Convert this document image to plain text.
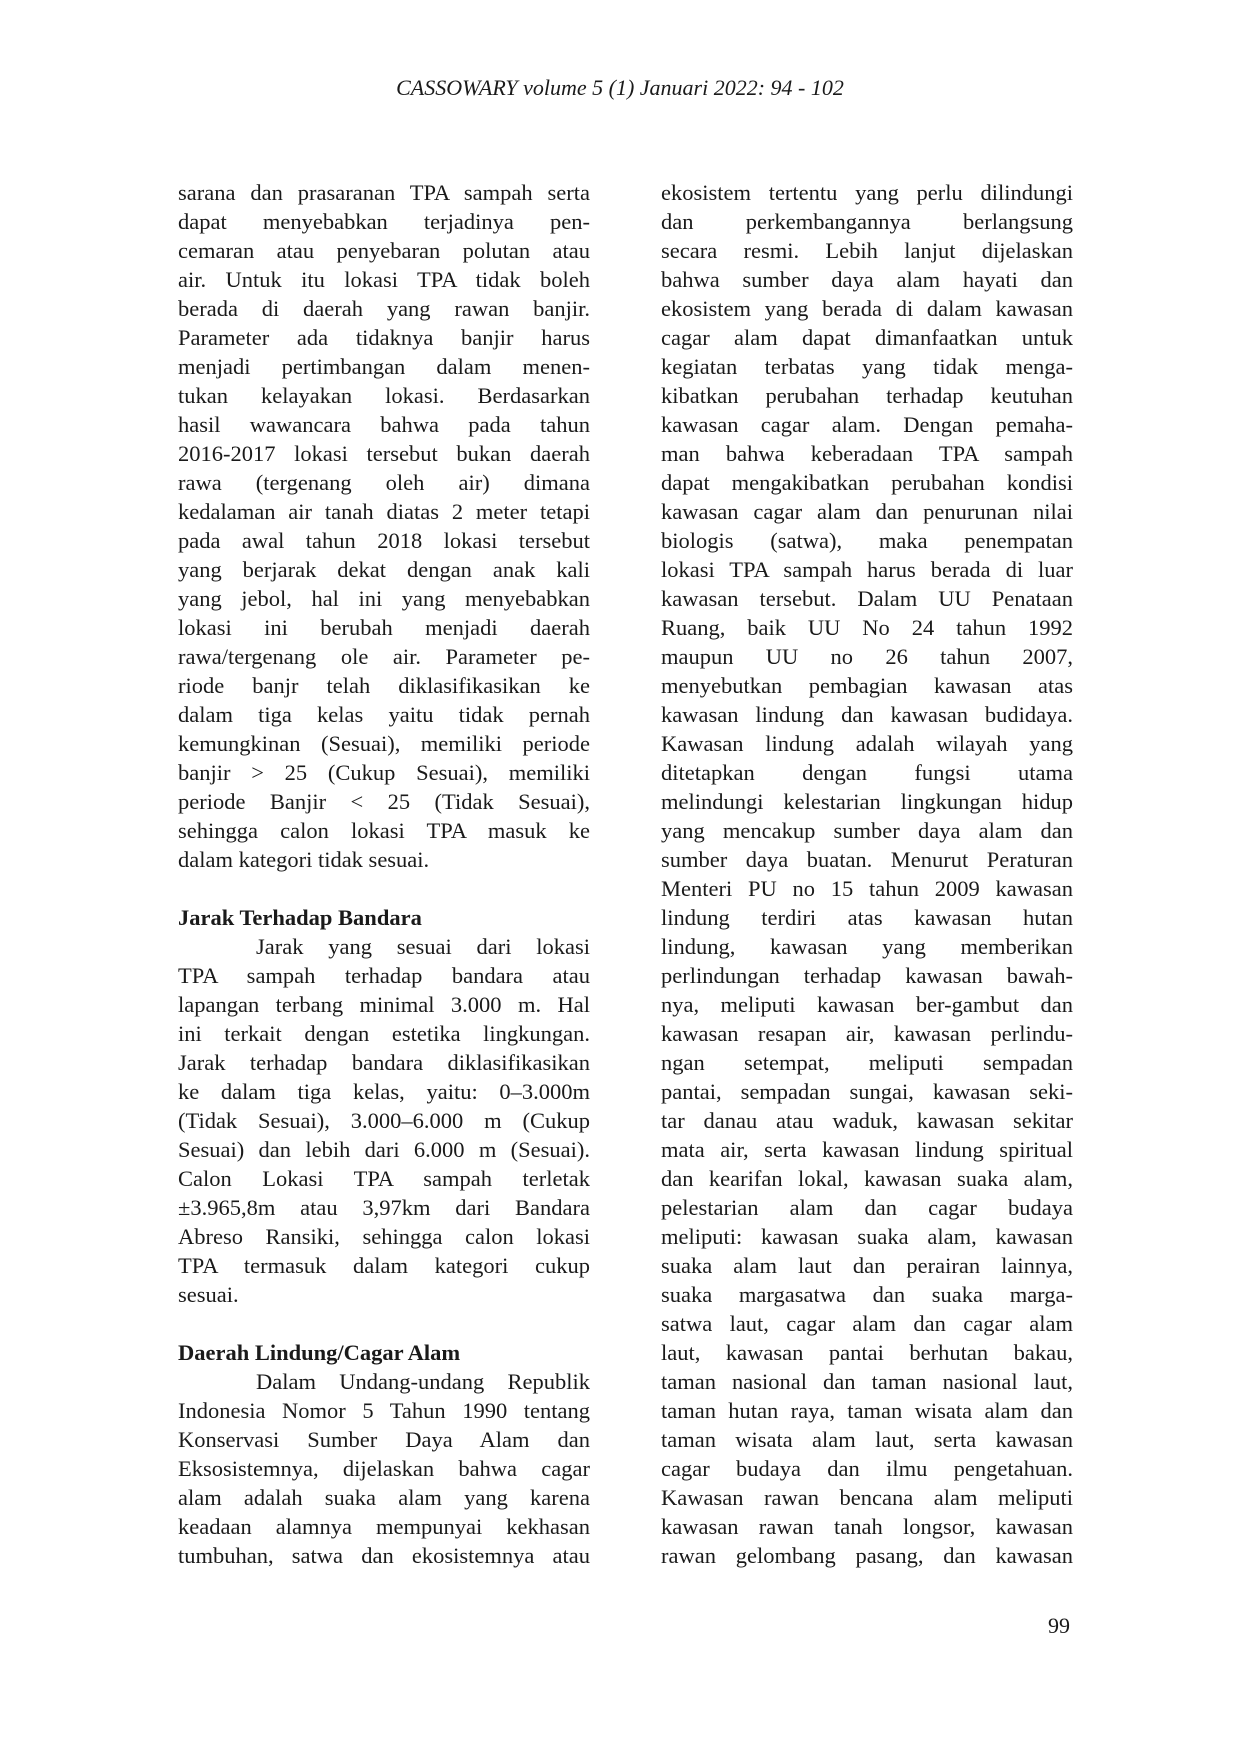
CASSOWARY volume 5 (1) Januari 2022: 94 - 102
sarana dan prasaranan TPA sampah serta
dapat menyebabkan terjadinya pen-
cemaran atau penyebaran polutan atau
air. Untuk itu lokasi TPA tidak boleh
berada di daerah yang rawan banjir.
Parameter ada tidaknya banjir harus
menjadi pertimbangan dalam menen-
tukan kelayakan lokasi. Berdasarkan
hasil wawancara bahwa pada tahun
2016-2017 lokasi tersebut bukan daerah
rawa (tergenang oleh air) dimana
kedalaman air tanah diatas 2 meter tetapi
pada awal tahun 2018 lokasi tersebut
yang berjarak dekat dengan anak kali
yang jebol, hal ini yang menyebabkan
lokasi ini berubah menjadi daerah
rawa/tergenang ole air. Parameter pe-
riode banjr telah diklasifikasikan ke
dalam tiga kelas yaitu tidak pernah
kemungkinan (Sesuai), memiliki periode
banjir > 25 (Cukup Sesuai), memiliki
periode Banjir < 25 (Tidak Sesuai),
sehingga calon lokasi TPA masuk ke
dalam kategori tidak sesuai.
Jarak Terhadap Bandara
Jarak yang sesuai dari lokasi
TPA sampah terhadap bandara atau
lapangan terbang minimal 3.000 m. Hal
ini terkait dengan estetika lingkungan.
Jarak terhadap bandara diklasifikasikan
ke dalam tiga kelas, yaitu: 0–3.000m
(Tidak Sesuai), 3.000–6.000 m (Cukup
Sesuai) dan lebih dari 6.000 m (Sesuai).
Calon Lokasi TPA sampah terletak
±3.965,8m atau 3,97km dari Bandara
Abreso Ransiki, sehingga calon lokasi
TPA termasuk dalam kategori cukup
sesuai.
Daerah Lindung/Cagar Alam
Dalam Undang-undang Republik
Indonesia Nomor 5 Tahun 1990 tentang
Konservasi Sumber Daya Alam dan
Eksosistemnya, dijelaskan bahwa cagar
alam adalah suaka alam yang karena
keadaan alamnya mempunyai kekhasan
tumbuhan, satwa dan ekosistemnya atau
ekosistem tertentu yang perlu dilindungi
dan perkembangannya berlangsung
secara resmi. Lebih lanjut dijelaskan
bahwa sumber daya alam hayati dan
ekosistem yang berada di dalam kawasan
cagar alam dapat dimanfaatkan untuk
kegiatan terbatas yang tidak menga-
kibatkan perubahan terhadap keutuhan
kawasan cagar alam. Dengan pemaha-
man bahwa keberadaan TPA sampah
dapat mengakibatkan perubahan kondisi
kawasan cagar alam dan penurunan nilai
biologis (satwa), maka penempatan
lokasi TPA sampah harus berada di luar
kawasan tersebut. Dalam UU Penataan
Ruang, baik UU No 24 tahun 1992
maupun UU no 26 tahun 2007,
menyebutkan pembagian kawasan atas
kawasan lindung dan kawasan budidaya.
Kawasan lindung adalah wilayah yang
ditetapkan dengan fungsi utama
melindungi kelestarian lingkungan hidup
yang mencakup sumber daya alam dan
sumber daya buatan. Menurut Peraturan
Menteri PU no 15 tahun 2009 kawasan
lindung terdiri atas kawasan hutan
lindung, kawasan yang memberikan
perlindungan terhadap kawasan bawah-
nya, meliputi kawasan ber-gambut dan
kawasan resapan air, kawasan perlindu-
ngan setempat, meliputi sempadan
pantai, sempadan sungai, kawasan seki-
tar danau atau waduk, kawasan sekitar
mata air, serta kawasan lindung spiritual
dan kearifan lokal, kawasan suaka alam,
pelestarian alam dan cagar budaya
meliputi: kawasan suaka alam, kawasan
suaka alam laut dan perairan lainnya,
suaka margasatwa dan suaka marga-
satwa laut, cagar alam dan cagar alam
laut, kawasan pantai berhutan bakau,
taman nasional dan taman nasional laut,
taman hutan raya, taman wisata alam dan
taman wisata alam laut, serta kawasan
cagar budaya dan ilmu pengetahuan.
Kawasan rawan bencana alam meliputi
kawasan rawan tanah longsor, kawasan
rawan gelombang pasang, dan kawasan
99
